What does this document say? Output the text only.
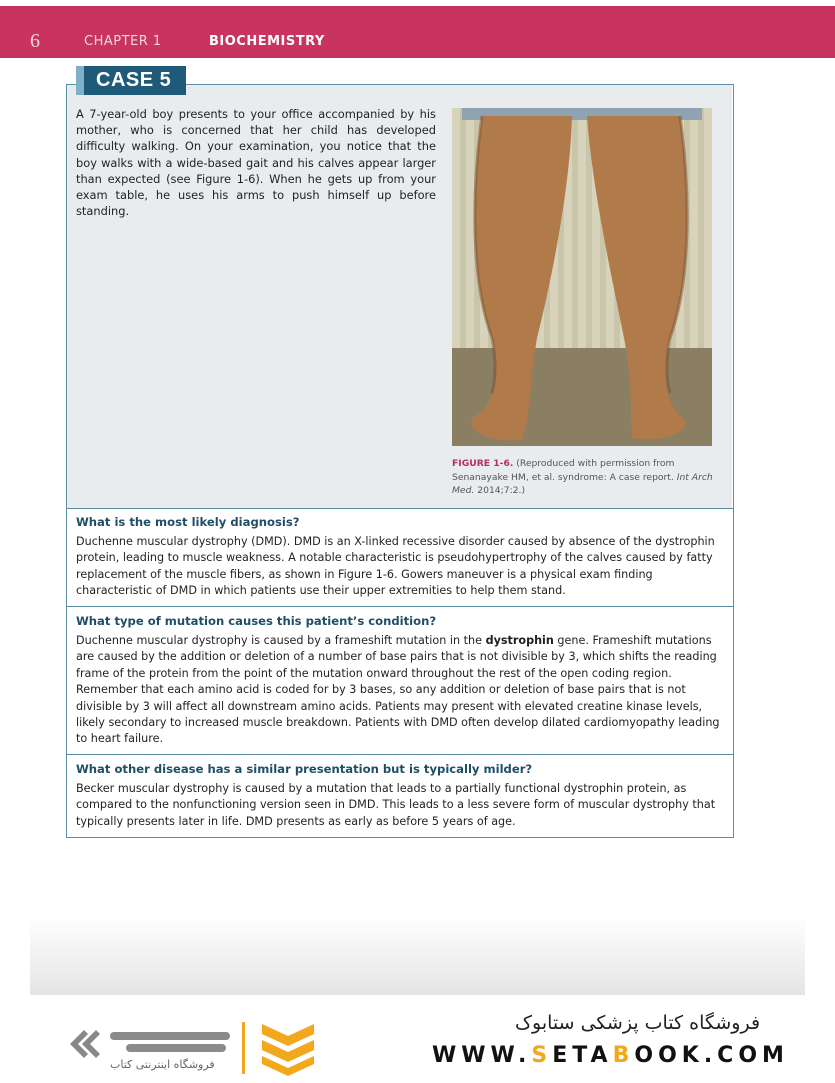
6	CHAPTER 1	BIOCHEMISTRY
CASE 5
A 7-year-old boy presents to your office accompanied by his mother, who is concerned that her child has developed difficulty walking. On your examination, you notice that the boy walks with a wide-based gait and his calves appear larger than expected (see Figure 1-6). When he gets up from your exam table, he uses his arms to push himself up before standing.
FIGURE 1-6. (Reproduced with permission from Senanayake HM, et al. syndrome: A case report. Int Arch Med. 2014;7:2.)
What is the most likely diagnosis?
Duchenne muscular dystrophy (DMD). DMD is an X-linked recessive disorder caused by absence of the dystrophin protein, leading to muscle weakness. A notable characteristic is pseudohypertrophy of the calves caused by fatty replacement of the muscle fibers, as shown in Figure 1-6. Gowers maneuver is a physical exam finding characteristic of DMD in which patients use their upper extremities to help them stand.
What type of mutation causes this patient’s condition?
Duchenne muscular dystrophy is caused by a frameshift mutation in the dystrophin gene. Frameshift mutations are caused by the addition or deletion of a number of base pairs that is not divisible by 3, which shifts the reading frame of the protein from the point of the mutation onward throughout the rest of the open coding region. Remember that each amino acid is coded for by 3 bases, so any addition or deletion of base pairs that is not divisible by 3 will affect all downstream amino acids. Patients may present with elevated creatine kinase levels, likely secondary to increased muscle breakdown. Patients with DMD often develop dilated cardiomyopathy leading to heart failure.
What other disease has a similar presentation but is typically milder?
Becker muscular dystrophy is caused by a mutation that leads to a partially functional dystrophin protein, as compared to the nonfunctioning version seen in DMD. This leads to a less severe form of muscular dystrophy that typically presents later in life. DMD presents as early as before 5 years of age.
فروشگاه اینترنتی کتاب
فروشگاه کتاب پزشکی ستابوک
WWW.SETABOOK.COM
